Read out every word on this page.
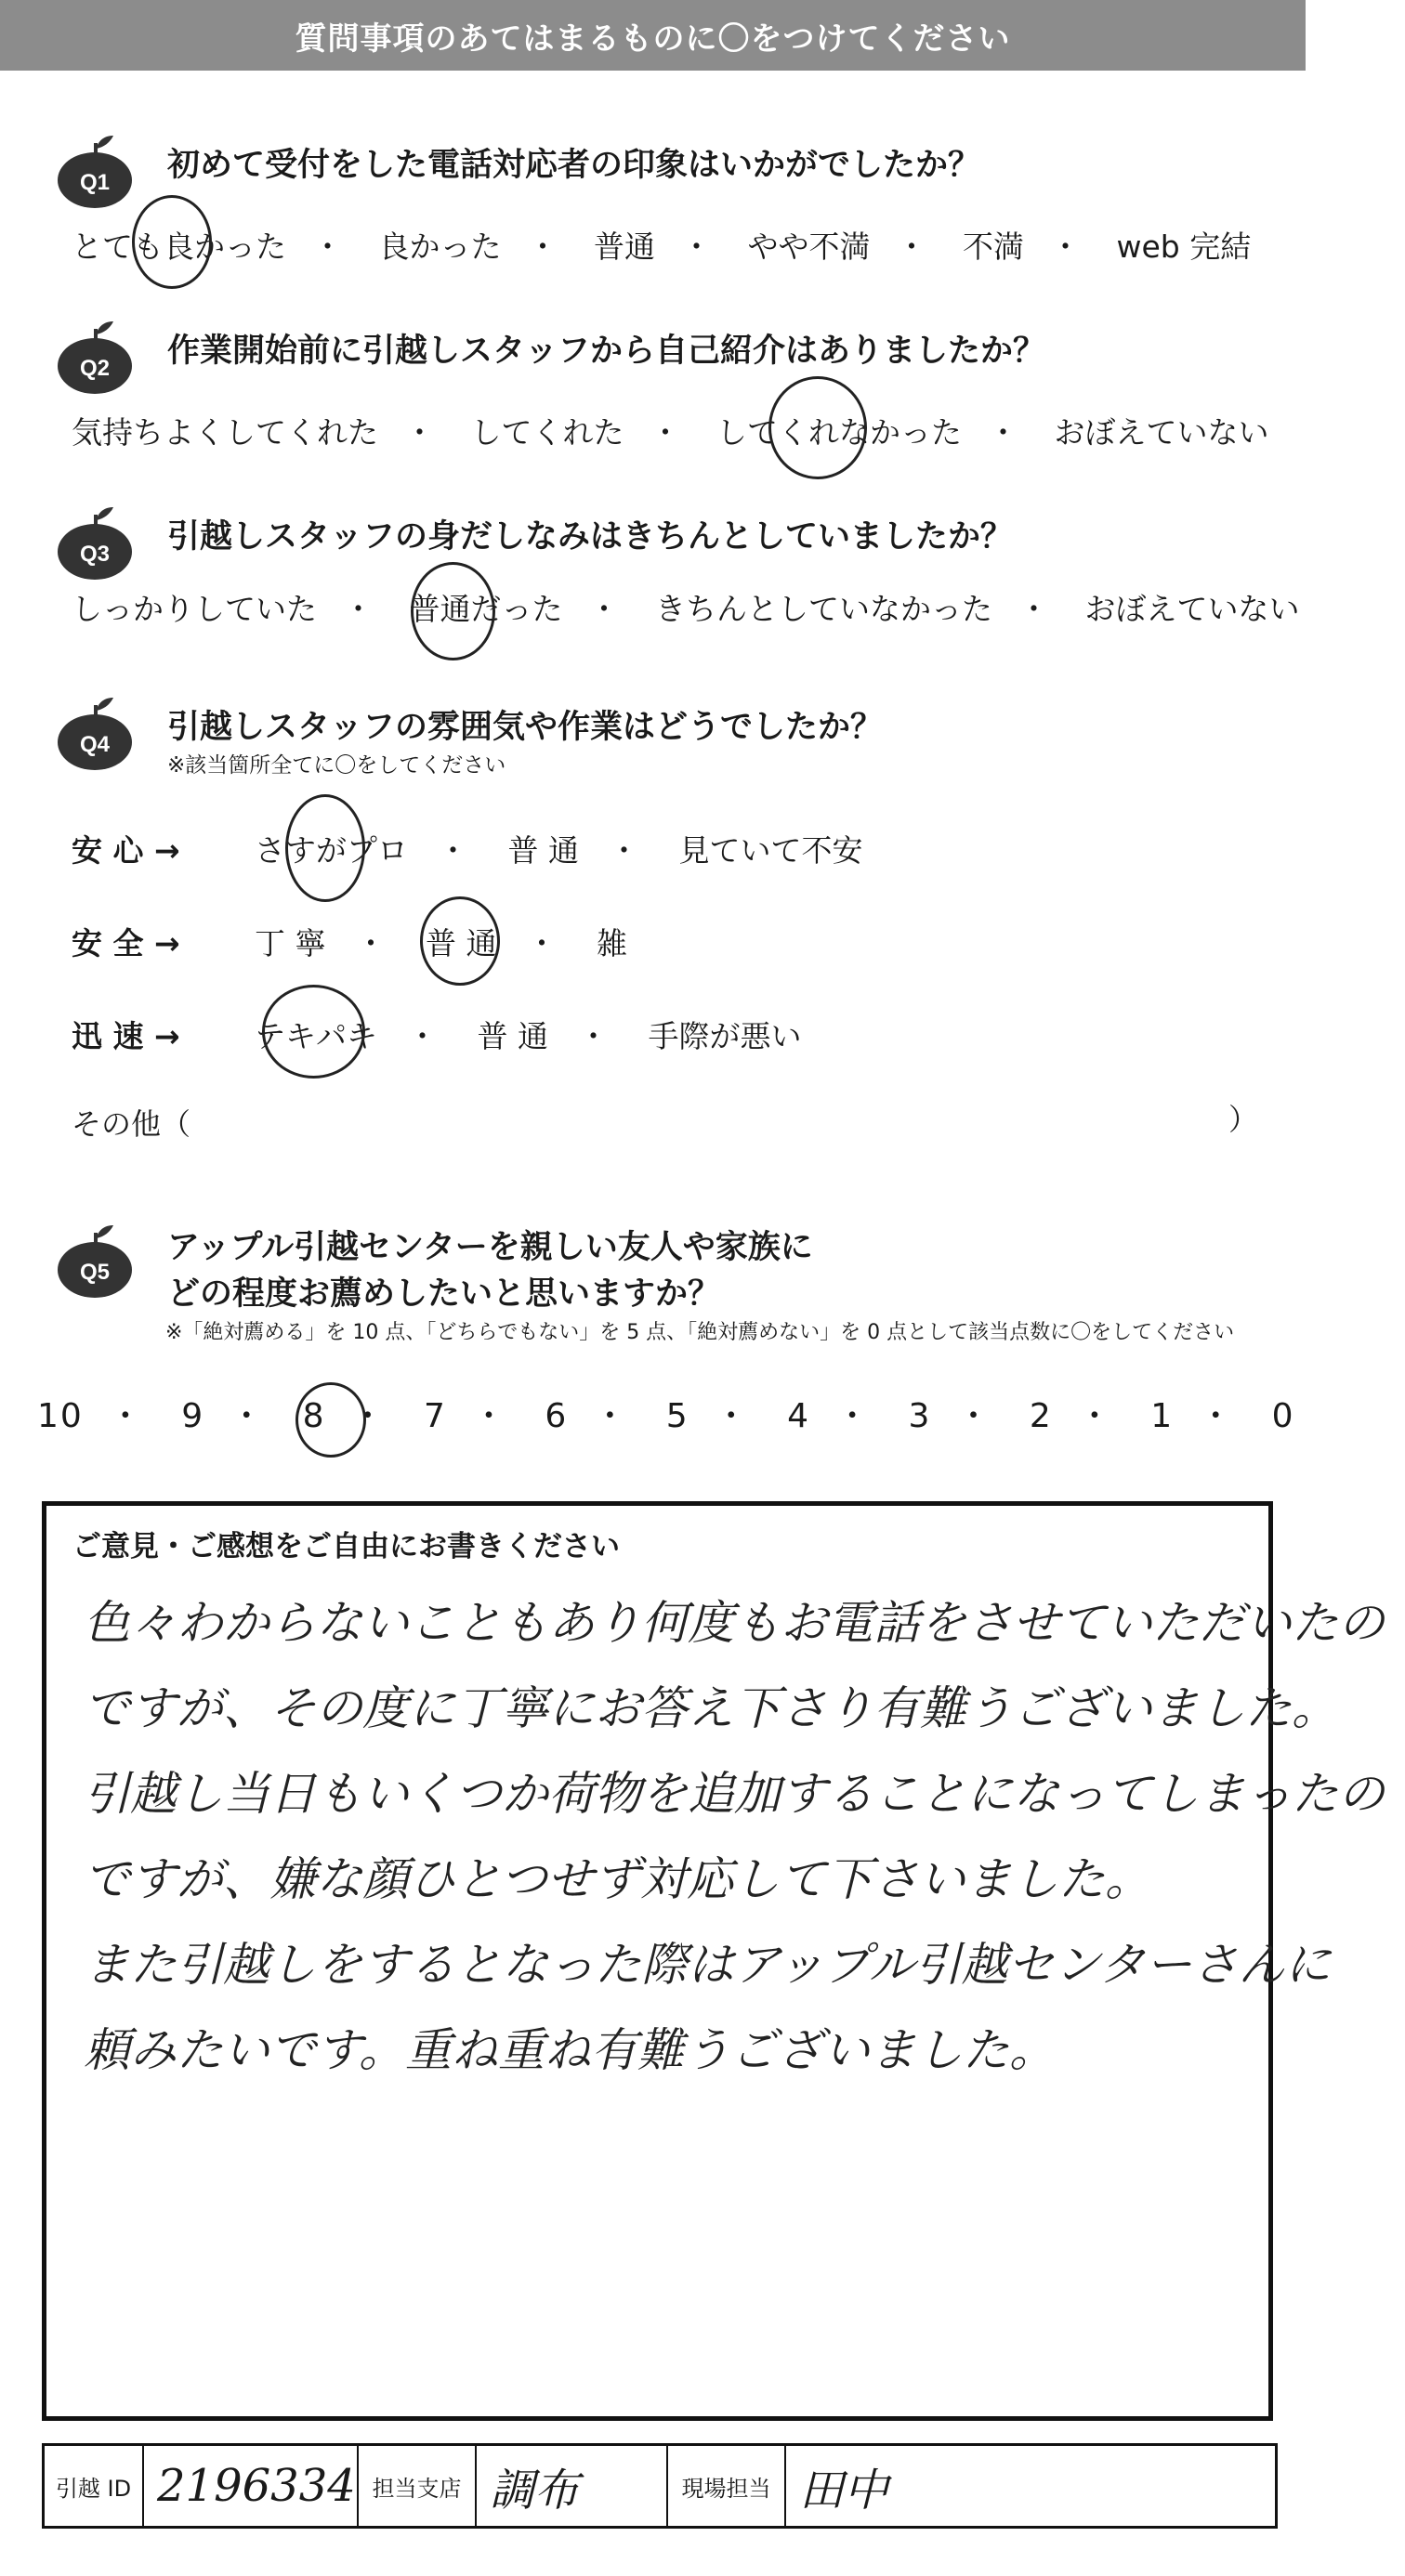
質問事項のあてはまるものに〇をつけてください
Q1 初めて受付をした電話対応者の印象はいかがでしたか？
とても良かった ・ 良かった ・ 普通 ・ やや不満 ・ 不満 ・ web 完結
Q2 作業開始前に引越しスタッフから自己紹介はありましたか？
気持ちよくしてくれた ・ してくれた ・ してくれなかった ・ おぼえていない
Q3 引越しスタッフの身だしなみはきちんとしていましたか？
しっかりしていた ・ 普通だった ・ きちんとしていなかった ・ おぼえていない
Q4 引越しスタッフの雰囲気や作業はどうでしたか？
※該当箇所全てに〇をしてください
安 心 → さすがプロ ・ 普 通 ・ 見ていて不安
安 全 → 丁 寧 ・ 普 通 ・ 雑
迅 速 → テキパキ ・ 普 通 ・ 手際が悪い
その他（	）
Q5
アップル引越センターを親しい友人や家族に
どの程度お薦めしたいと思いますか？
※「絶対薦める」を 10 点、「どちらでもない」を 5 点、「絶対薦めない」を 0 点として該当点数に〇をしてください
10 ・ 9 ・ 8 ・ 7 ・ 6 ・ 5 ・ 4 ・ 3 ・ 2 ・ 1 ・ 0
ご意見・ご感想をご自由にお書きください
色々わからないこともあり何度もお電話をさせていただいたの
ですが、その度に丁寧にお答え下さり有難うございました。
引越し当日もいくつか荷物を追加することになってしまったの
ですが、嫌な顔ひとつせず対応して下さいました。
また引越しをするとなった際はアップル引越センターさんに
頼みたいです。重ね重ね有難うございました。
引越 ID 2196334 担当支店 調布	現場担当 田中
